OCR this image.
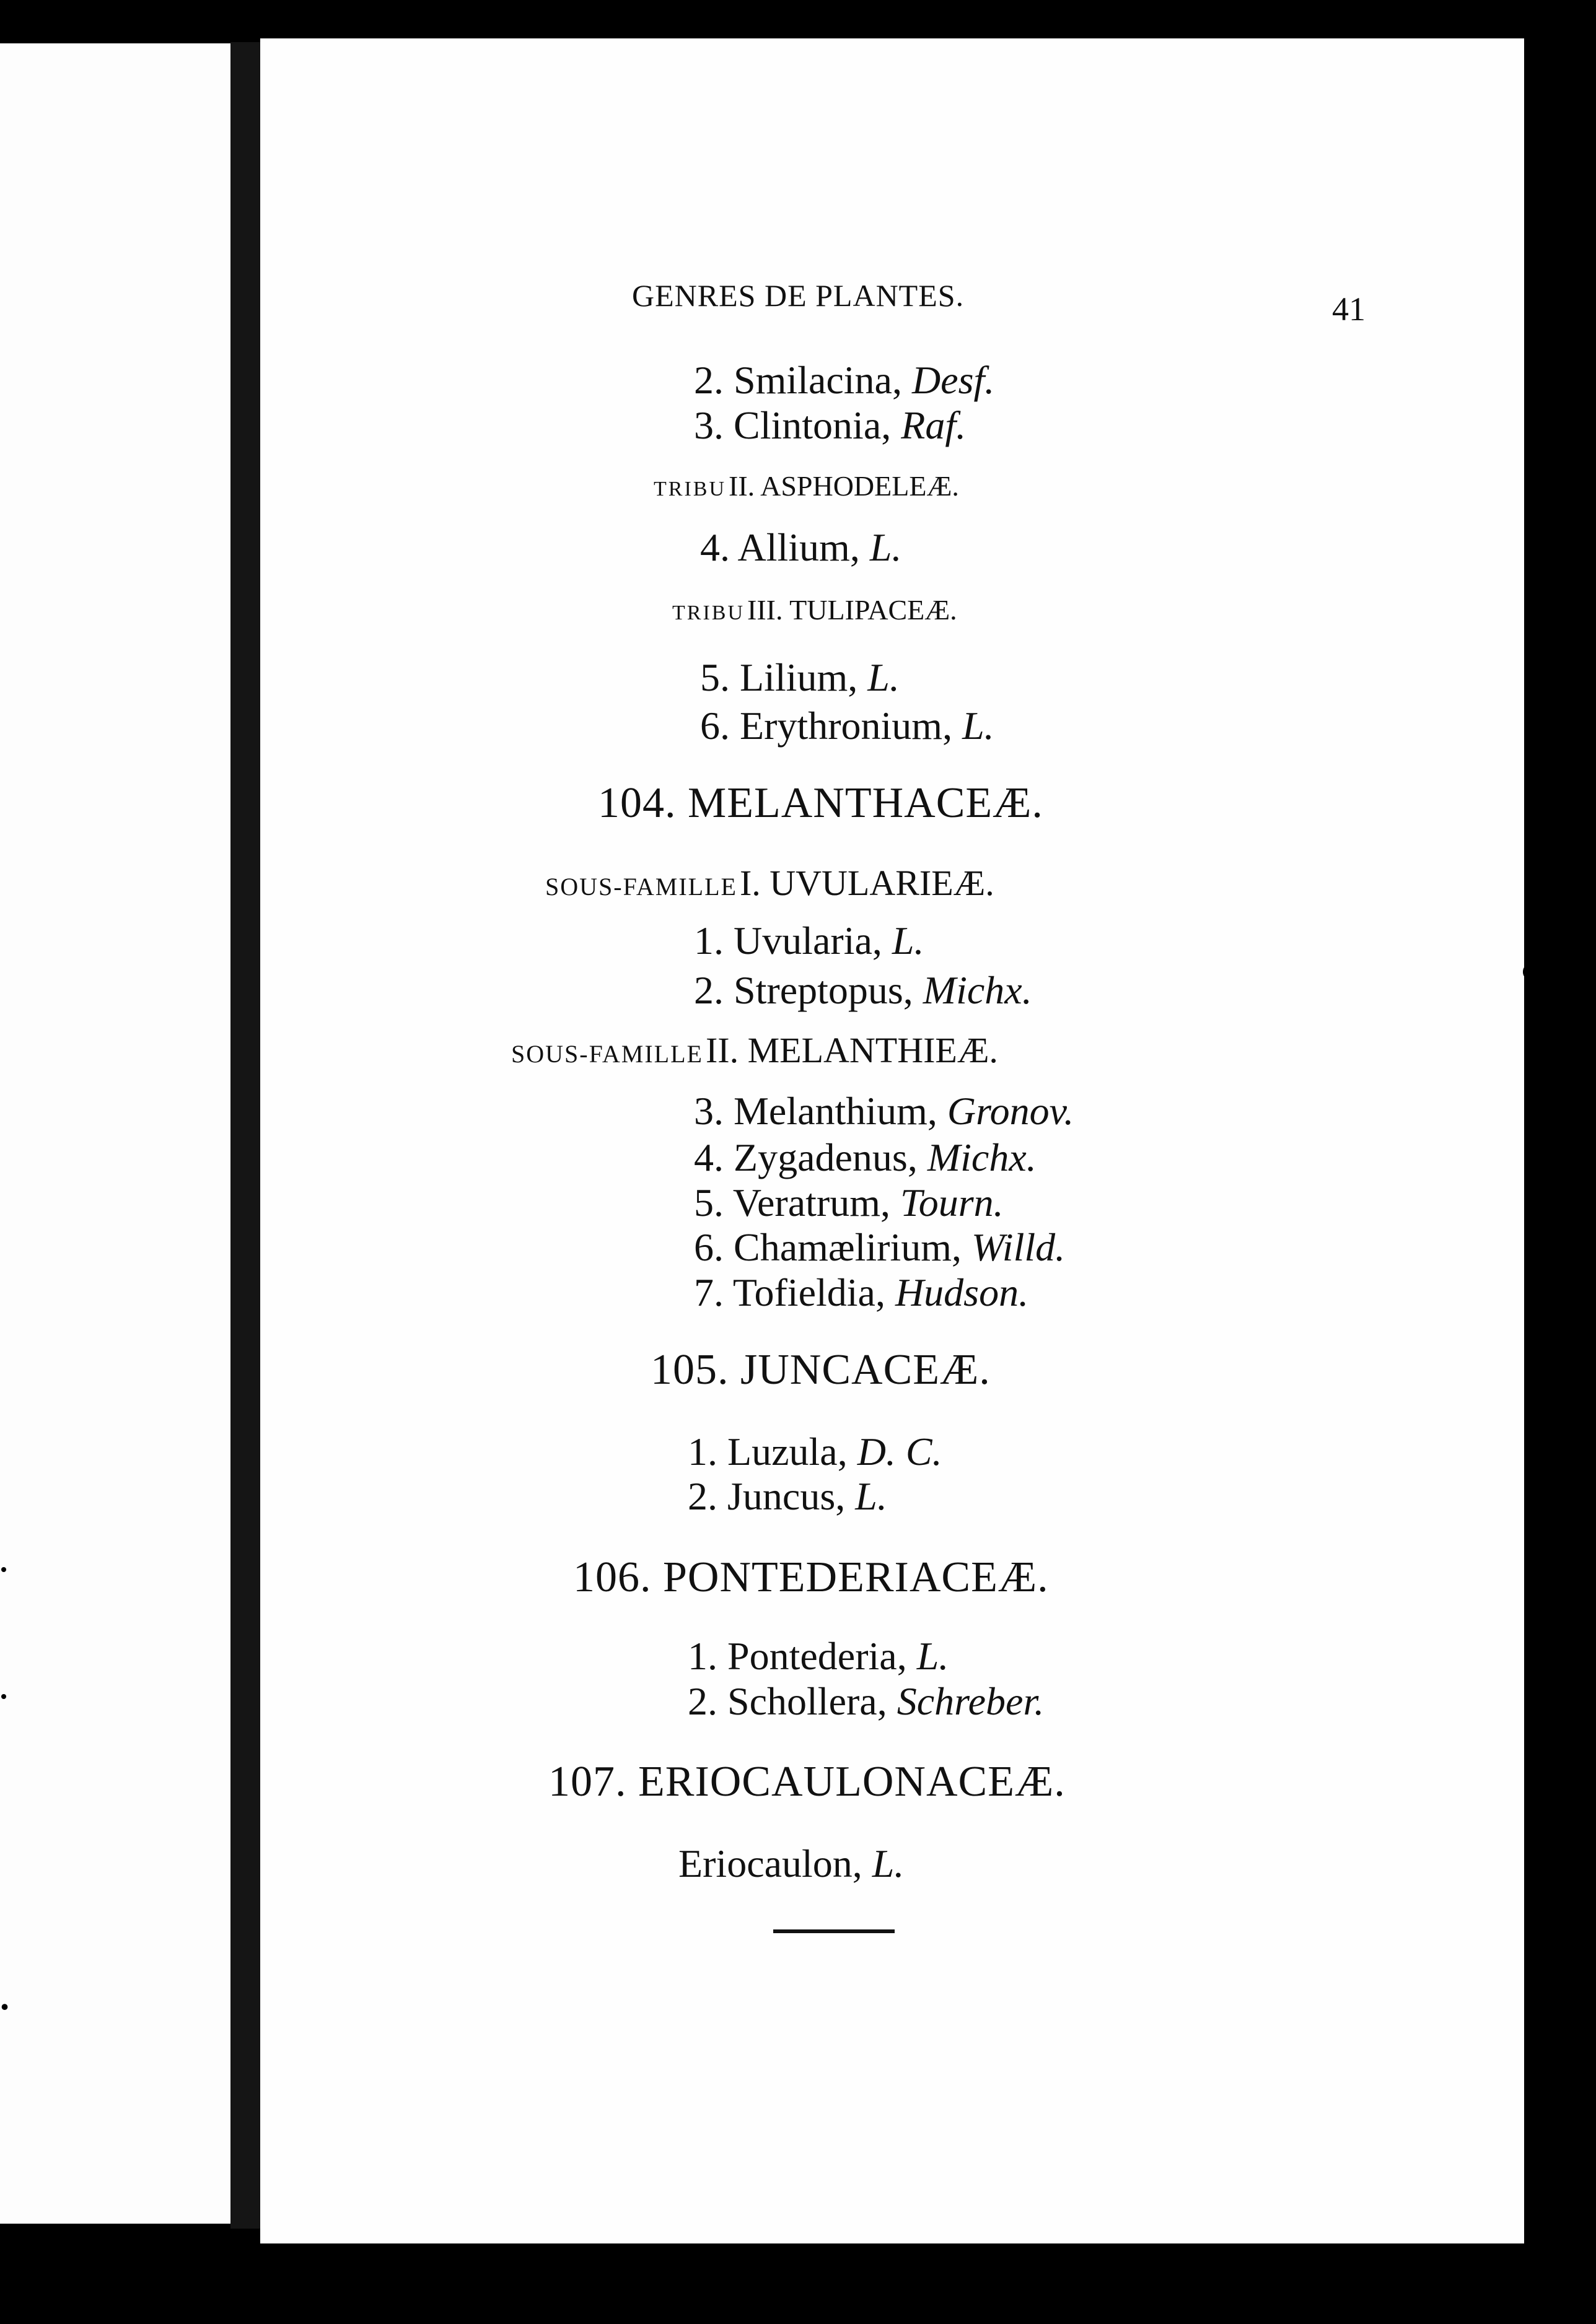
.
GENRES DE PLANTES.	41
2. Smilacina, Desf.
3. Clintonia, Raf.
TRIBU II. ASPHODELEÆ.
4. Allium, L.
TRIBU III. TULIPACEÆ.
5. Lilium, L.
6. Erythronium, L.
104. MELANTHACEÆ.
SOUS-FAMILLE I. UVULARIEÆ.
1. Uvularia, L.
2. Streptopus, Michx.
SOUS-FAMILLE II. MELANTHIEÆ.
3. Melanthium, Gronov.
4. Zygadenus, Michx.
5. Veratrum, Tourn.
6. Chamælirium, Willd.
7. Tofieldia, Hudson.
105. JUNCACEÆ.
1. Luzula, D. C.
2. Juncus, L.
106. PONTEDERIACEÆ.
1. Pontederia, L.
2. Schollera, Schreber.
107. ERIOCAULONACEÆ.
Eriocaulon, L.
